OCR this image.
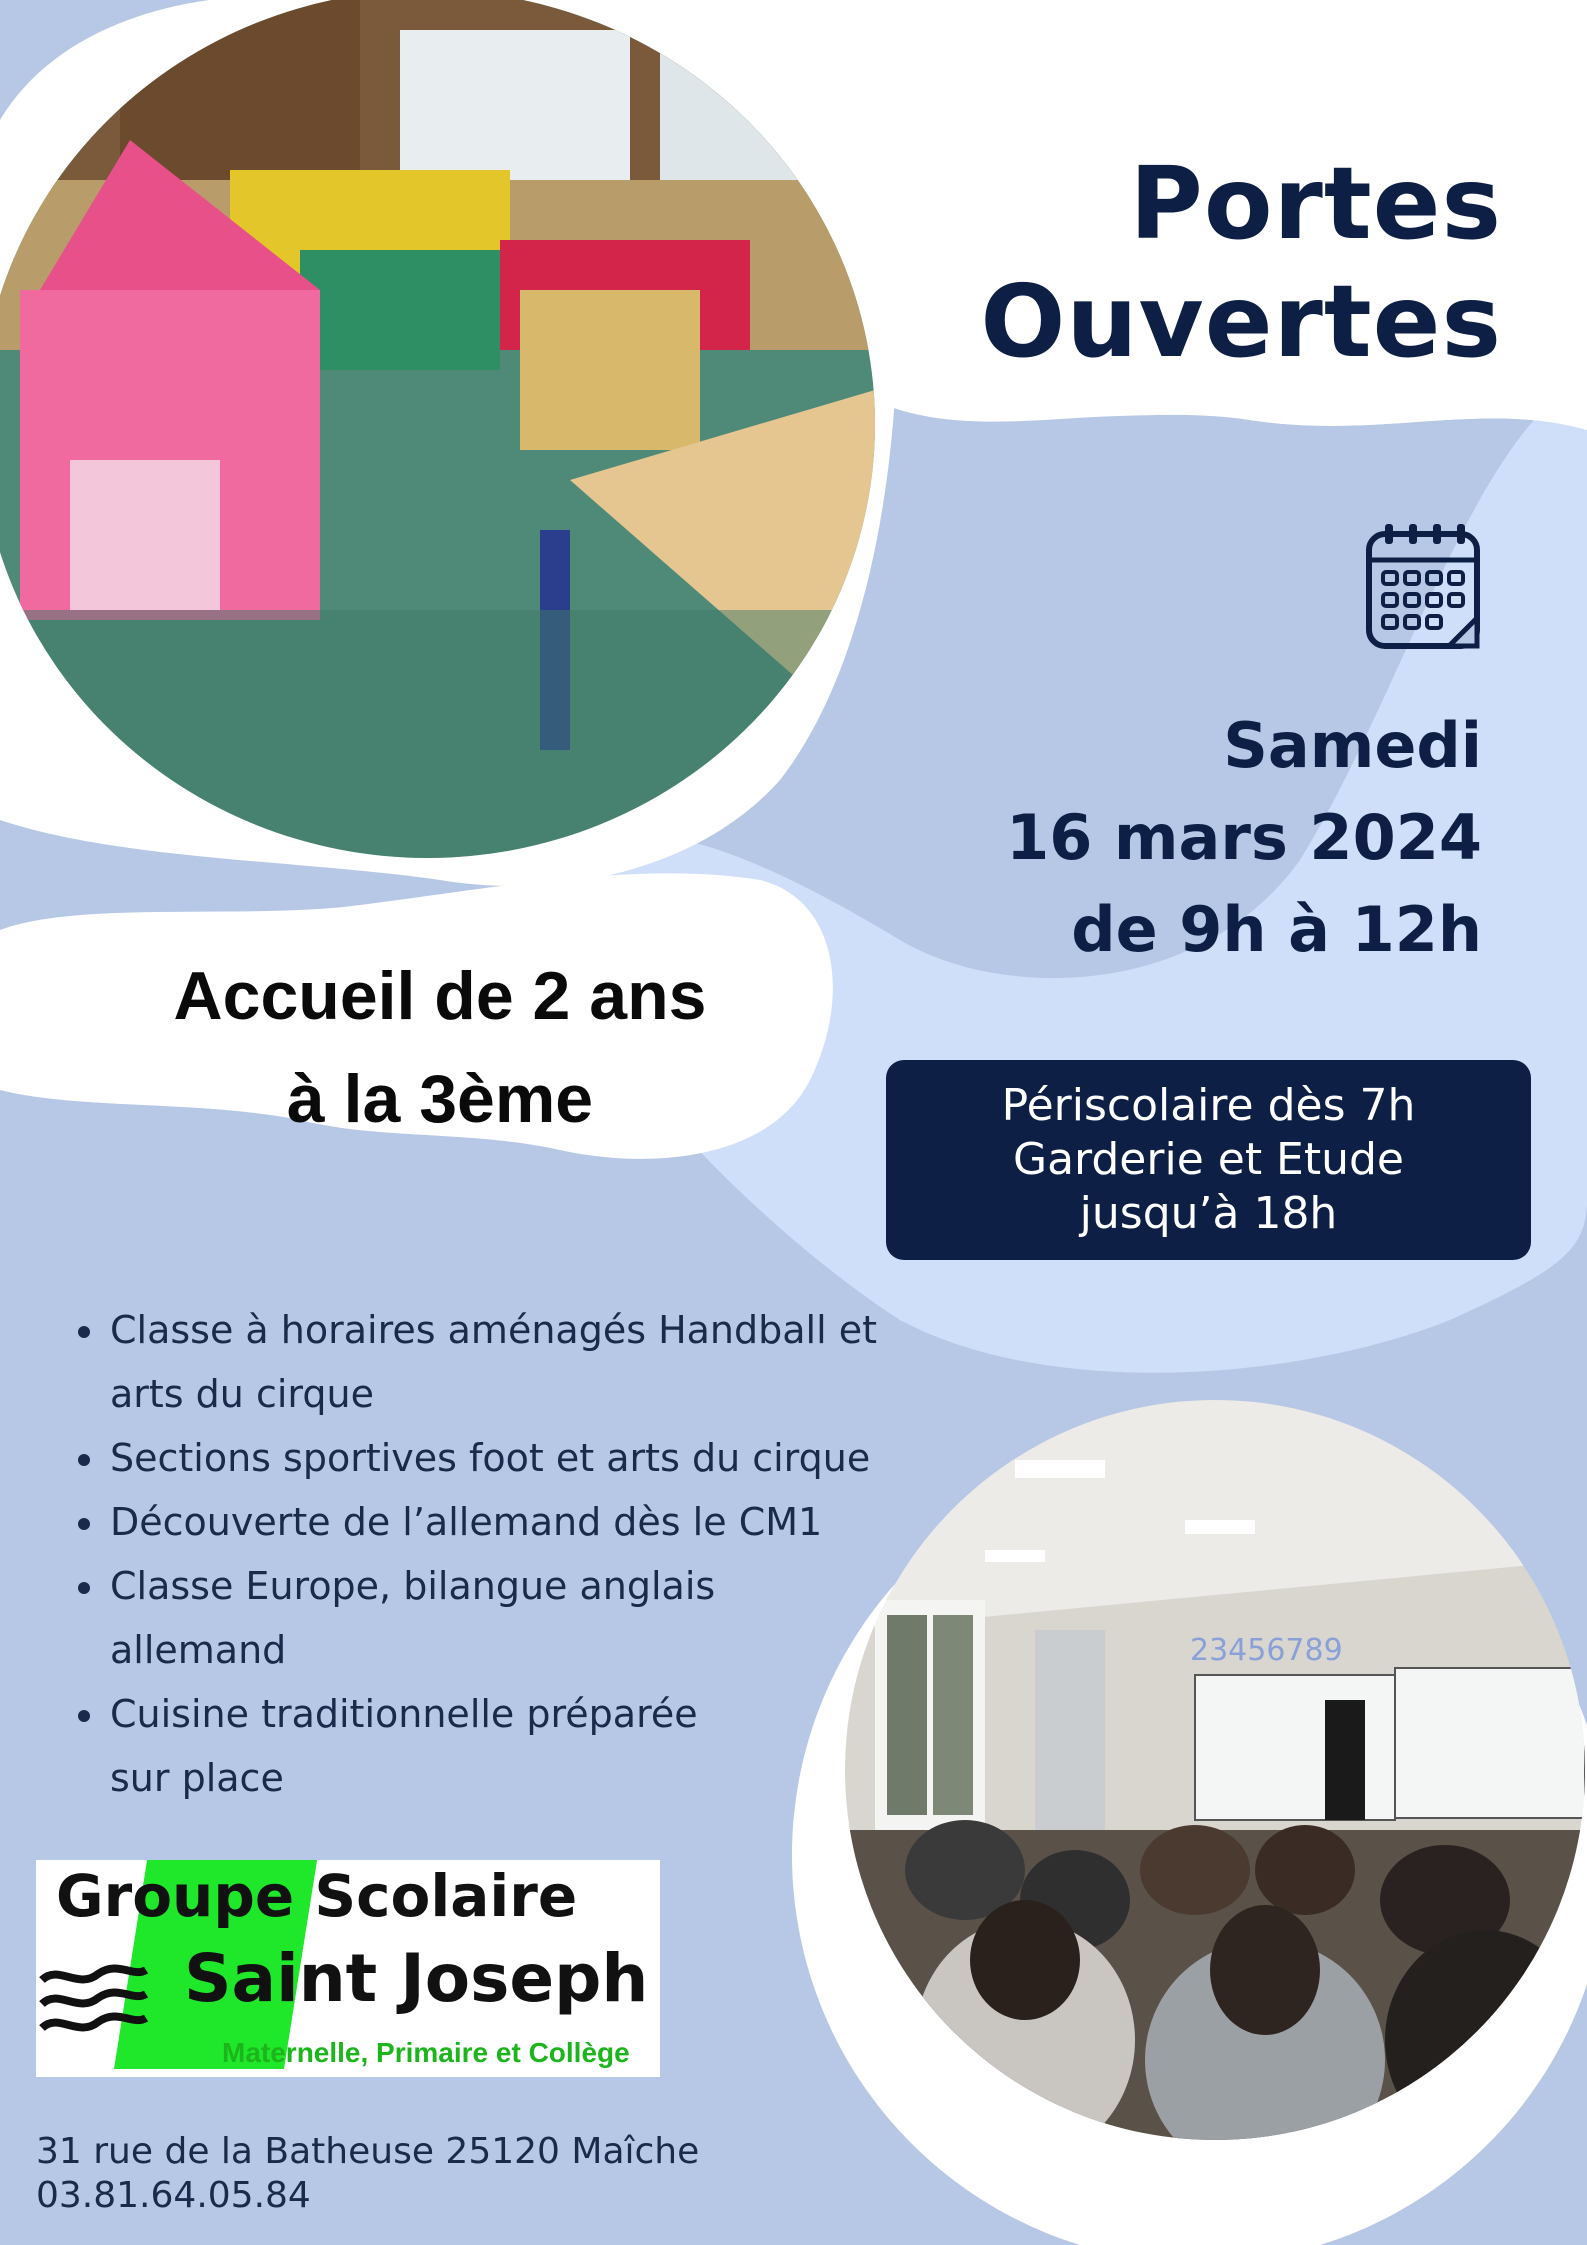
Portes
Ouvertes
Samedi
16 mars 2024
de 9h à 12h
Accueil de 2 ans
à la 3ème	Périscolaire dès 7h
Garderie et Etude
jusqu’à 18h
Classe à horaires aménagés Handball et arts du cirque
Sections sportives foot et arts du cirque
Découverte de l’allemand dès le CM1
Classe Europe, bilangue anglais allemand
Cuisine traditionnelle préparée sur place
Groupe Scolaire
Saint Joseph
Maternelle, Primaire et Collège
31 rue de la Batheuse 25120 Maîche
03.81.64.05.84
23456789
